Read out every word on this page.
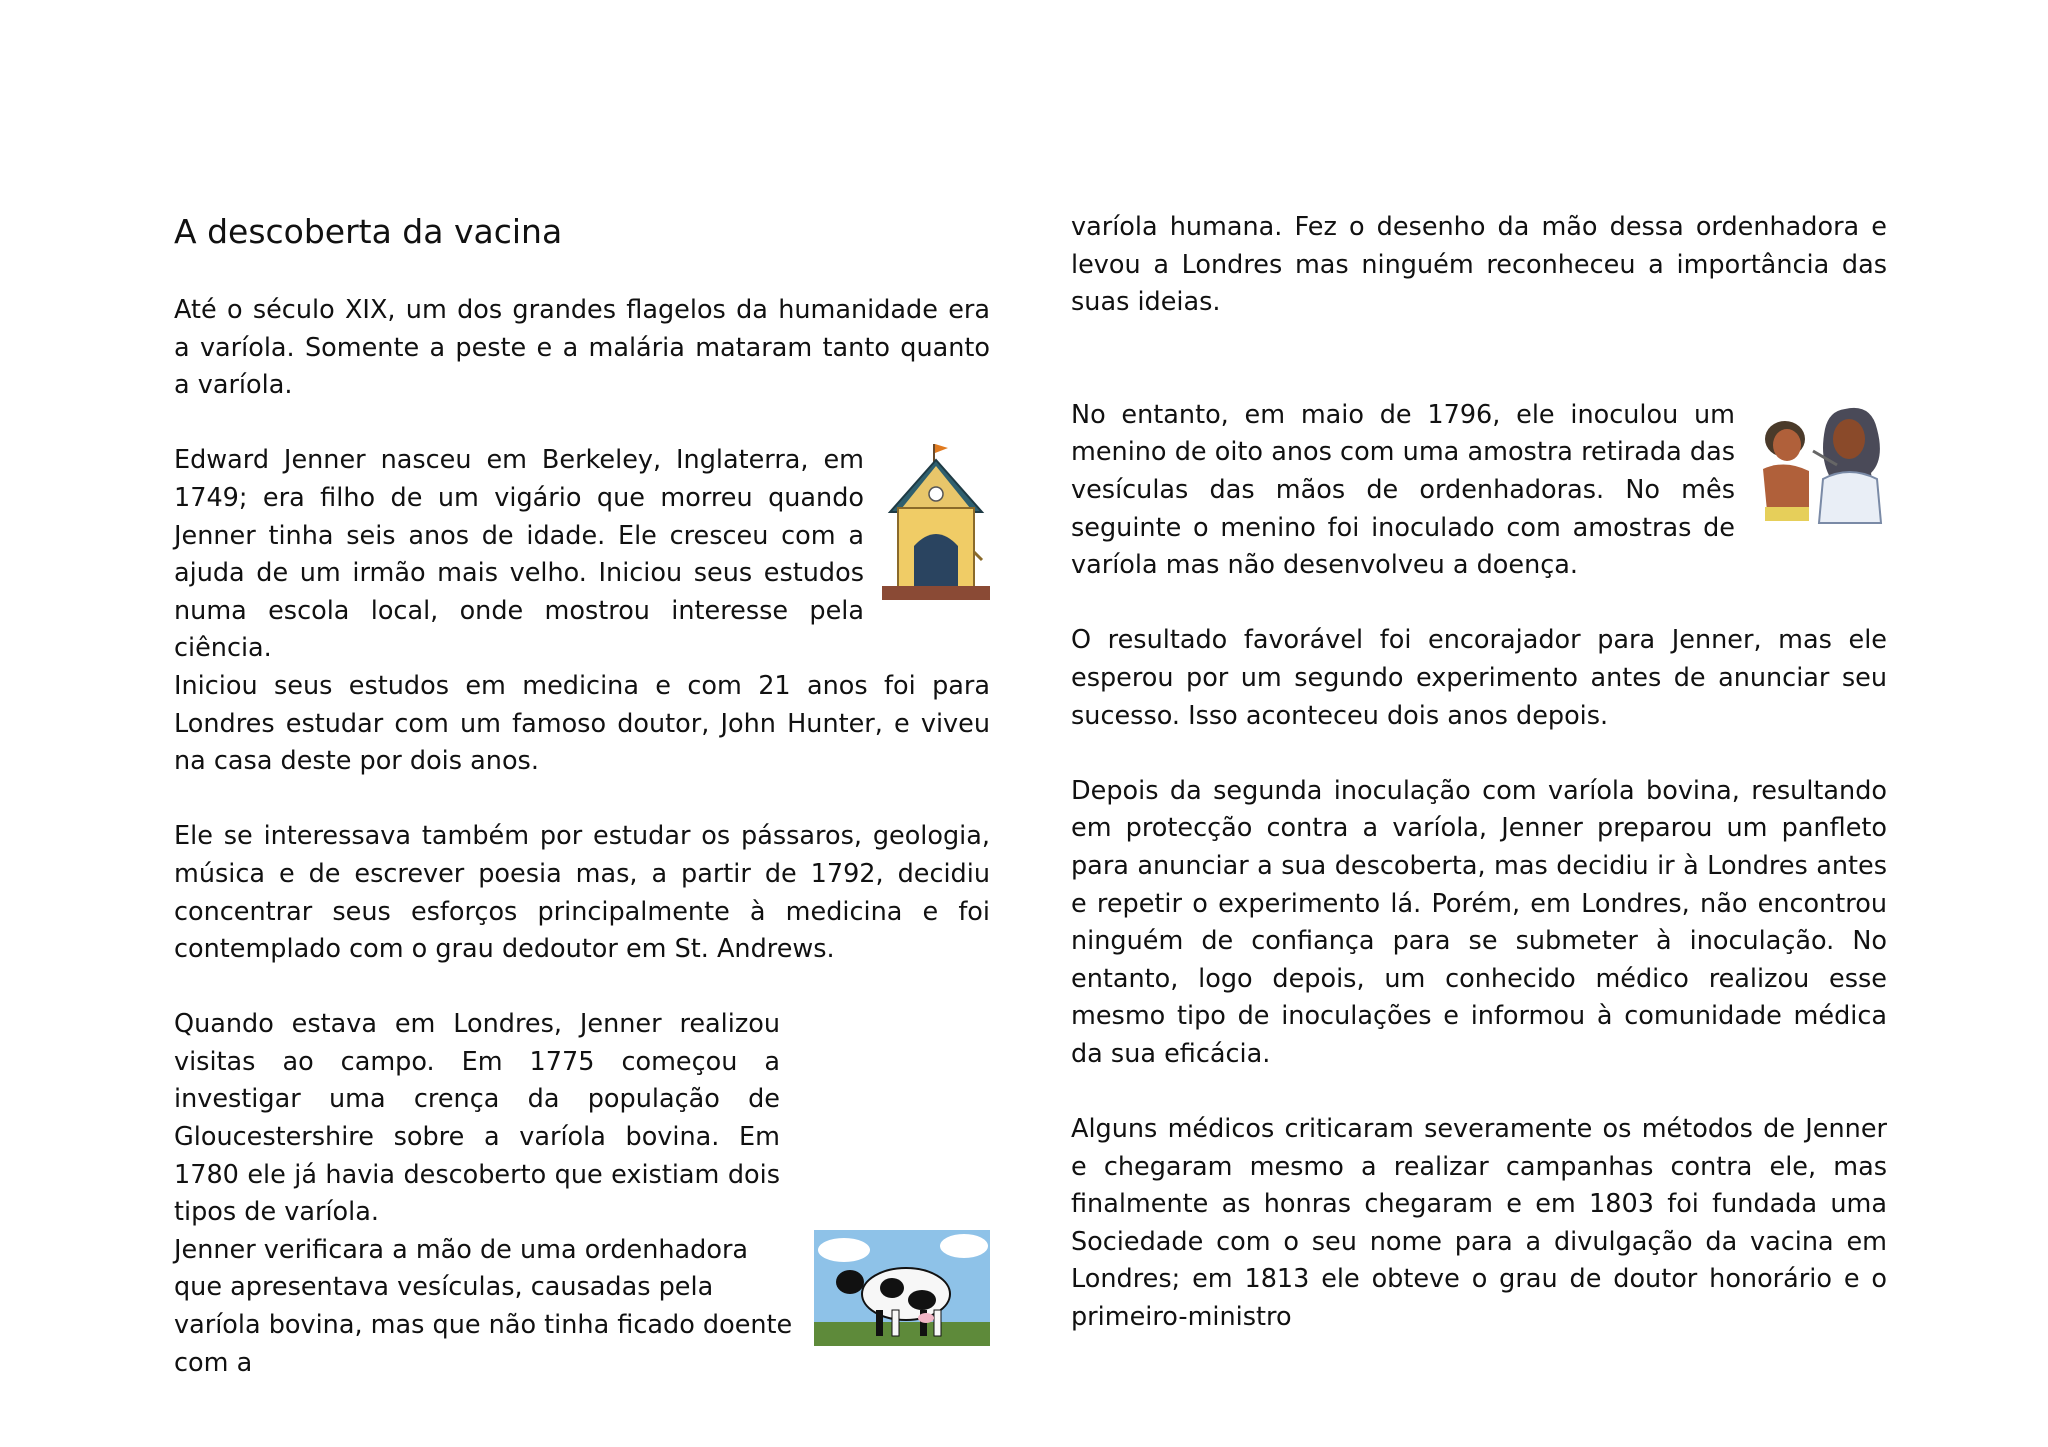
A descoberta da vacina

Até o século XIX, um dos grandes flagelos da humanidade era a varíola. Somente a peste e a malária mataram tanto quanto a varíola.

Edward Jenner nasceu em Berkeley, Inglaterra, em 1749; era filho de um vigário que morreu quando Jenner tinha seis anos de idade. Ele cresceu com a ajuda de um irmão mais velho. Iniciou seus estudos numa escola local, onde mostrou interesse pela ciência.

Iniciou seus estudos em medicina e com 21 anos foi para Londres estudar com um famoso doutor, John Hunter, e viveu na casa deste por dois anos.

Ele se interessava também por estudar os pássaros, geologia, música e de escrever poesia mas, a partir de 1792, decidiu concentrar seus esforços principalmente à medicina e foi contemplado com o grau dedoutor em St. Andrews.

Quando estava em Londres, Jenner realizou visitas ao campo. Em 1775 começou a investigar uma crença da população de Gloucestershire sobre a varíola bovina. Em 1780 ele já havia descoberto que existiam dois tipos de varíola.

Jenner verificara a mão de uma ordenhadora que apresentava vesículas, causadas pela varíola bovina, mas que não tinha ficado doente com a

varíola humana. Fez o desenho da mão dessa ordenhadora e levou a Londres mas ninguém reconheceu a importância das suas ideias.

No entanto, em maio de 1796, ele inoculou um menino de oito anos com uma amostra retirada das vesículas das mãos de ordenhadoras. No mês seguinte o menino foi inoculado com amostras de varíola mas não desenvolveu a doença.

O resultado favorável foi encorajador para Jenner, mas ele esperou por um segundo experimento antes de anunciar seu sucesso. Isso aconteceu dois anos depois.

Depois da segunda inoculação com varíola bovina, resultando em protecção contra a varíola, Jenner preparou um panfleto para anunciar a sua descoberta, mas decidiu ir à Londres antes e repetir o experimento lá. Porém, em Londres, não encontrou ninguém de confiança para se submeter à inoculação. No entanto, logo depois, um conhecido médico realizou esse mesmo tipo de inoculações e informou à comunidade médica da sua eficácia.

Alguns médicos criticaram severamente os métodos de Jenner e chegaram mesmo a realizar campanhas contra ele, mas finalmente as honras chegaram e em 1803 foi fundada uma Sociedade com o seu nome para a divulgação da vacina em Londres; em 1813 ele obteve o grau de doutor honorário e o primeiro-ministro
